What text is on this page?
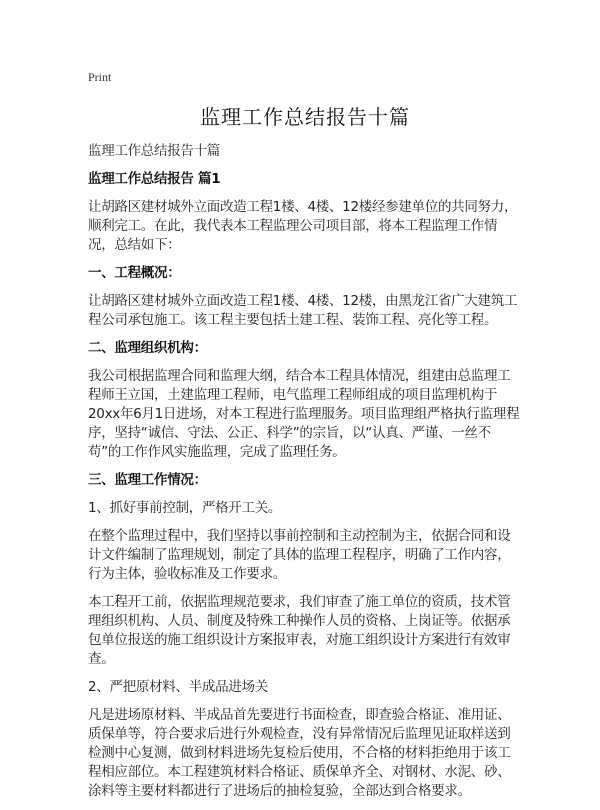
Print
监理工作总结报告十篇

监理工作总结报告十篇

监理工作总结报告 篇1

让胡路区建材城外立面改造工程1楼、4楼、12楼经参建单位的共同努力，顺利完工。在此，我代表本工程监理公司项目部，将本工程监理工作情况，总结如下：

一、工程概况：

让胡路区建材城外立面改造工程1楼、4楼、12楼，由黑龙江省广大建筑工程公司承包施工。该工程主要包括土建工程、装饰工程、亮化等工程。

二、监理组织机构：

我公司根据监理合同和监理大纲，结合本工程具体情况，组建由总监理工程师王立国，土建监理工程师，电气监理工程师组成的项目监理机构于20xx年6月1日进场，对本工程进行监理服务。项目监理组严格执行监理程序，坚持“诚信、守法、公正、科学”的宗旨，以“认真、严谨、一丝不苟”的工作作风实施监理，完成了监理任务。

三、监理工作情况：

1、抓好事前控制，严格开工关。

在整个监理过程中，我们坚持以事前控制和主动控制为主，依据合同和设计文件编制了监理规划，制定了具体的监理工程程序，明确了工作内容，行为主体，验收标准及工作要求。

本工程开工前，依据监理规范要求，我们审查了施工单位的资质，技术管理组织机构、人员、制度及特殊工种操作人员的资格、上岗证等。依据承包单位报送的施工组织设计方案报审表，对施工组织设计方案进行有效审查。

2、严把原材料、半成品进场关

凡是进场原材料、半成品首先要进行书面检查，即查验合格证、准用证、质保单等，符合要求后进行外观检查，没有异常情况后监理见证取样送到检测中心复测，做到材料进场先复检后使用，不合格的材料拒绝用于该工程相应部位。本工程建筑材料合格证、质保单齐全、对钢材、水泥、砂、涂料等主要材料都进行了进场后的抽检复验，全部达到合格要求。
